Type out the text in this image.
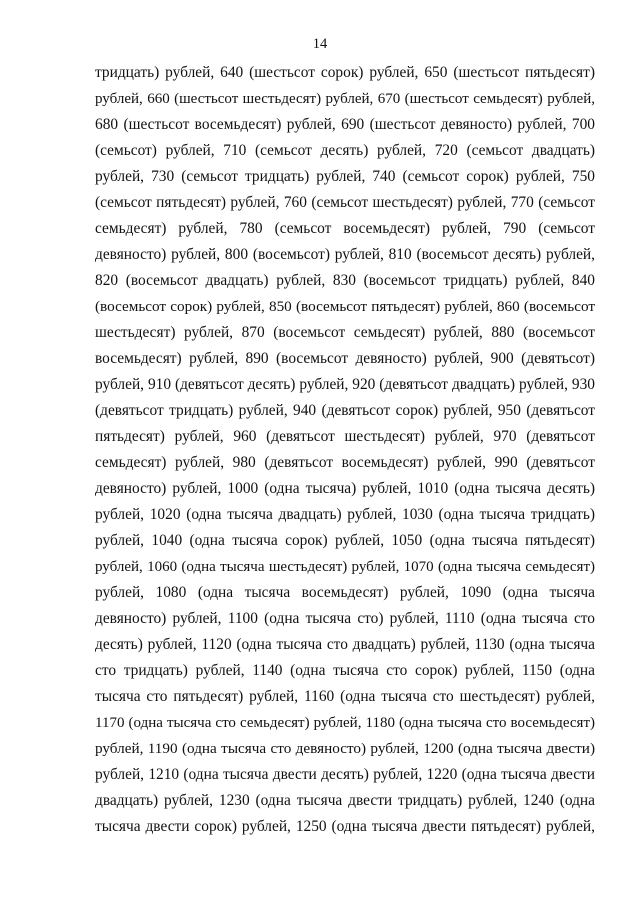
14
тридцать) рублей, 640 (шестьсот сорок) рублей, 650 (шестьсот пятьдесят)
рублей, 660 (шестьсот шестьдесят) рублей, 670 (шестьсот семьдесят) рублей,
680 (шестьсот восемьдесят) рублей, 690 (шестьсот девяносто) рублей, 700
(семьсот) рублей, 710 (семьсот десять) рублей, 720 (семьсот двадцать)
рублей, 730 (семьсот тридцать) рублей, 740 (семьсот сорок) рублей, 750
(семьсот пятьдесят) рублей, 760 (семьсот шестьдесят) рублей, 770 (семьсот
семьдесят) рублей, 780 (семьсот восемьдесят) рублей, 790 (семьсот
девяносто) рублей, 800 (восемьсот) рублей, 810 (восемьсот десять) рублей,
820 (восемьсот двадцать) рублей, 830 (восемьсот тридцать) рублей, 840
(восемьсот сорок) рублей, 850 (восемьсот пятьдесят) рублей, 860 (восемьсот
шестьдесят) рублей, 870 (восемьсот семьдесят) рублей, 880 (восемьсот
восемьдесят) рублей, 890 (восемьсот девяносто) рублей, 900 (девятьсот)
рублей, 910 (девятьсот десять) рублей, 920 (девятьсот двадцать) рублей, 930
(девятьсот тридцать) рублей, 940 (девятьсот сорок) рублей, 950 (девятьсот
пятьдесят) рублей, 960 (девятьсот шестьдесят) рублей, 970 (девятьсот
семьдесят) рублей, 980 (девятьсот восемьдесят) рублей, 990 (девятьсот
девяносто) рублей, 1000 (одна тысяча) рублей, 1010 (одна тысяча десять)
рублей, 1020 (одна тысяча двадцать) рублей, 1030 (одна тысяча тридцать)
рублей, 1040 (одна тысяча сорок) рублей, 1050 (одна тысяча пятьдесят)
рублей, 1060 (одна тысяча шестьдесят) рублей, 1070 (одна тысяча семьдесят)
рублей, 1080 (одна тысяча восемьдесят) рублей, 1090 (одна тысяча
девяносто) рублей, 1100 (одна тысяча сто) рублей, 1110 (одна тысяча сто
десять) рублей, 1120 (одна тысяча сто двадцать) рублей, 1130 (одна тысяча
сто тридцать) рублей, 1140 (одна тысяча сто сорок) рублей, 1150 (одна
тысяча сто пятьдесят) рублей, 1160 (одна тысяча сто шестьдесят) рублей,
1170 (одна тысяча сто семьдесят) рублей, 1180 (одна тысяча сто восемьдесят)
рублей, 1190 (одна тысяча сто девяносто) рублей, 1200 (одна тысяча двести)
рублей, 1210 (одна тысяча двести десять) рублей, 1220 (одна тысяча двести
двадцать) рублей, 1230 (одна тысяча двести тридцать) рублей, 1240 (одна
тысяча двести сорок) рублей, 1250 (одна тысяча двести пятьдесят) рублей,
